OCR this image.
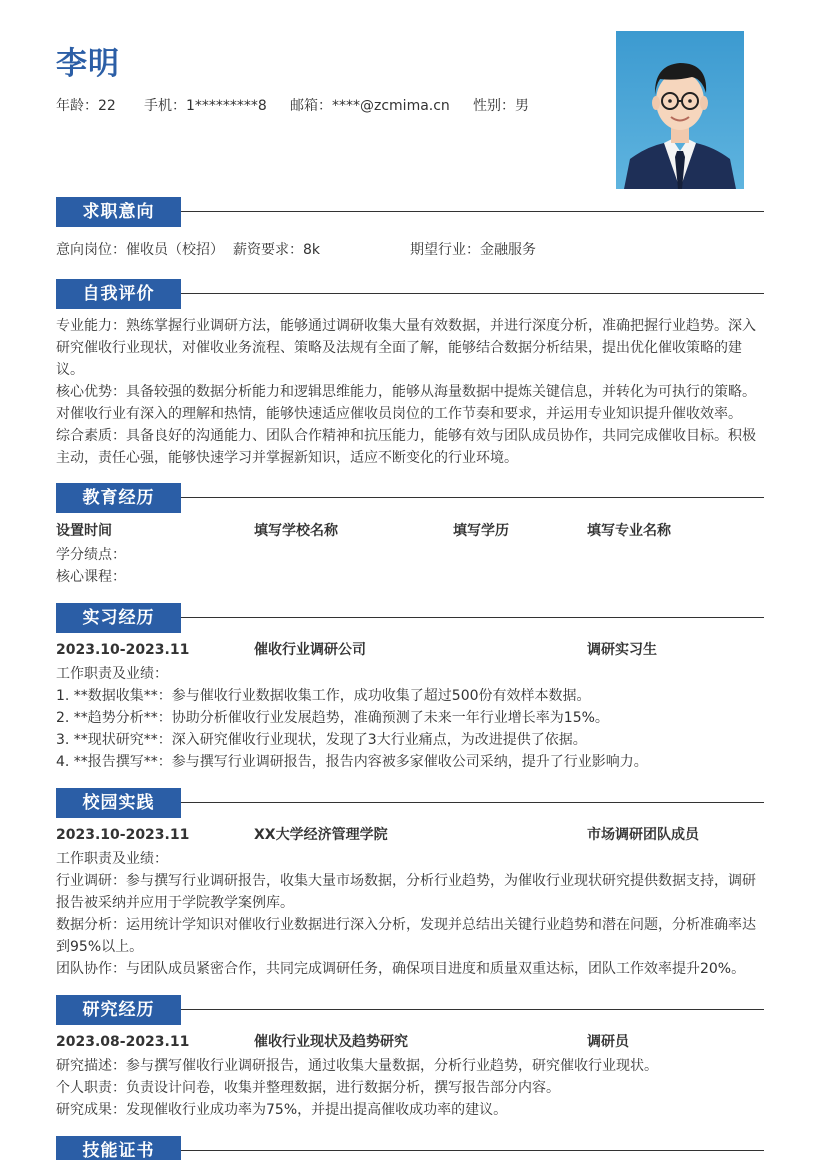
李明
年龄：22	手机：1*********8	邮箱：****@zcmima.cn	性别：男
求职意向
意向岗位：催收员（校招） 薪资要求：8k	期望行业：金融服务
自我评价
专业能力：熟练掌握行业调研方法，能够通过调研收集大量有效数据，并进行深度分析，准确把握行业趋势。深入研究催收行业现状，对催收业务流程、策略及法规有全面了解，能够结合数据分析结果，提出优化催收策略的建议。
核心优势：具备较强的数据分析能力和逻辑思维能力，能够从海量数据中提炼关键信息，并转化为可执行的策略。对催收行业有深入的理解和热情，能够快速适应催收员岗位的工作节奏和要求，并运用专业知识提升催收效率。
综合素质：具备良好的沟通能力、团队合作精神和抗压能力，能够有效与团队成员协作，共同完成催收目标。积极主动，责任心强，能够快速学习并掌握新知识，适应不断变化的行业环境。
教育经历
设置时间	填写学校名称	填写学历	填写专业名称
学分绩点：
核心课程：
实习经历
2023.10-2023.11	催收行业调研公司	调研实习生
工作职责及业绩：
1. **数据收集**：参与催收行业数据收集工作，成功收集了超过500份有效样本数据。
2. **趋势分析**：协助分析催收行业发展趋势，准确预测了未来一年行业增长率为15%。
3. **现状研究**：深入研究催收行业现状，发现了3大行业痛点，为改进提供了依据。
4. **报告撰写**：参与撰写行业调研报告，报告内容被多家催收公司采纳，提升了行业影响力。
校园实践
2023.10-2023.11	XX大学经济管理学院	市场调研团队成员
工作职责及业绩：
行业调研：参与撰写行业调研报告，收集大量市场数据，分析行业趋势，为催收行业现状研究提供数据支持，调研报告被采纳并应用于学院教学案例库。
数据分析：运用统计学知识对催收行业数据进行深入分析，发现并总结出关键行业趋势和潜在问题，分析准确率达到95%以上。
团队协作：与团队成员紧密合作，共同完成调研任务，确保项目进度和质量双重达标，团队工作效率提升20%。
研究经历
2023.08-2023.11	催收行业现状及趋势研究	调研员
研究描述：参与撰写催收行业调研报告，通过收集大量数据，分析行业趋势，研究催收行业现状。
个人职责：负责设计问卷，收集并整理数据，进行数据分析，撰写报告部分内容。
研究成果：发现催收行业成功率为75%，并提出提高催收成功率的建议。
技能证书
